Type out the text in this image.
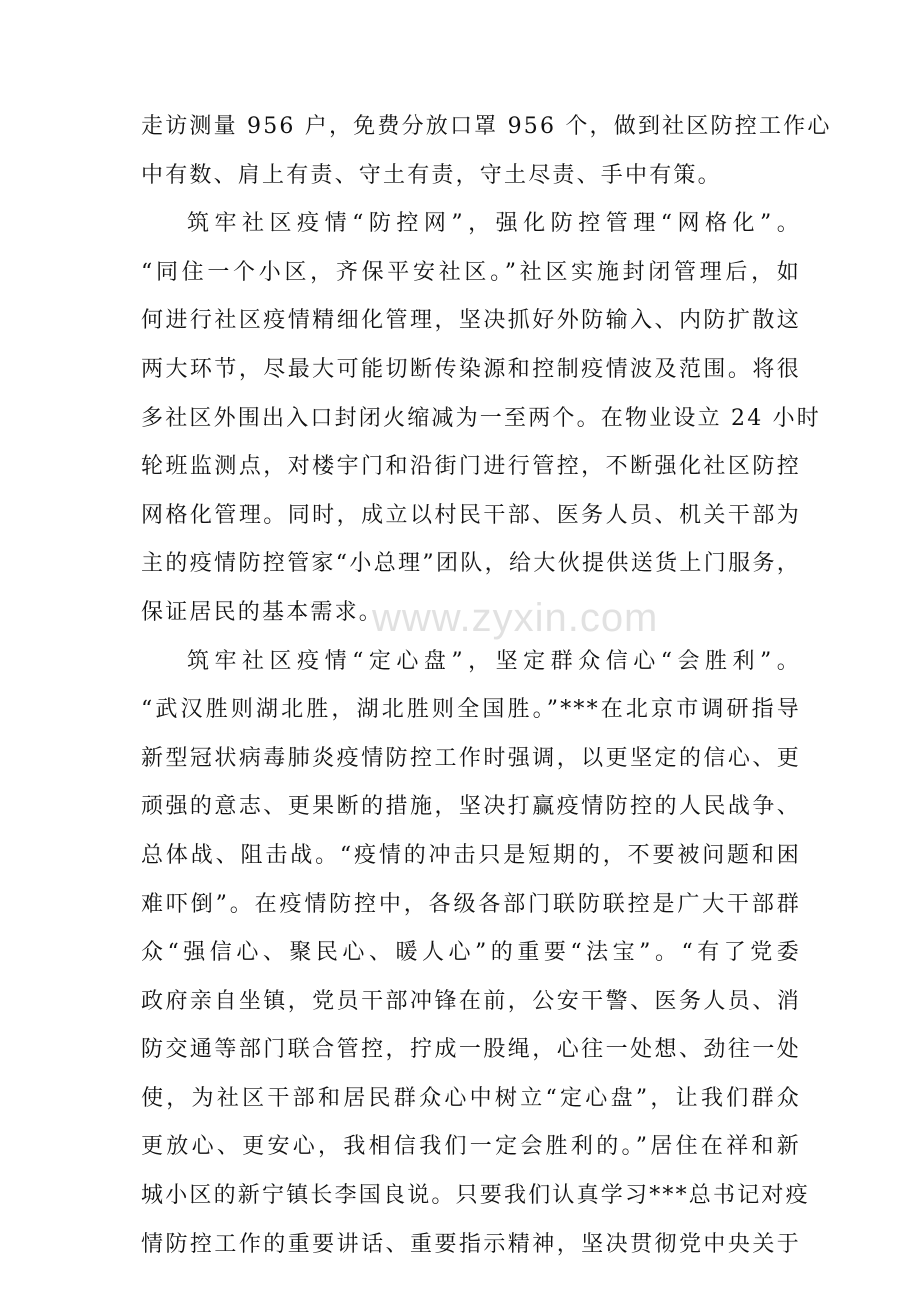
走访测量 956 户，免费分放口罩 956 个，做到社区防控工作心
中有数、肩上有责、守土有责，守土尽责、手中有策。
筑牢社区疫情“防控网”，强化防控管理“网格化”。
“同住一个小区，齐保平安社区。”社区实施封闭管理后，如
何进行社区疫情精细化管理，坚决抓好外防输入、内防扩散这
两大环节，尽最大可能切断传染源和控制疫情波及范围。将很
多社区外围出入口封闭火缩减为一至两个。在物业设立 24 小时
轮班监测点，对楼宇门和沿街门进行管控，不断强化社区防控
网格化管理。同时，成立以村民干部、医务人员、机关干部为
主的疫情防控管家“小总理”团队，给大伙提供送货上门服务，
保证居民的基本需求。
筑牢社区疫情“定心盘”，坚定群众信心“会胜利”。
“武汉胜则湖北胜，湖北胜则全国胜。”***在北京市调研指导
新型冠状病毒肺炎疫情防控工作时强调，以更坚定的信心、更
顽强的意志、更果断的措施，坚决打赢疫情防控的人民战争、
总体战、阻击战。“疫情的冲击只是短期的，不要被问题和困
难吓倒”。在疫情防控中，各级各部门联防联控是广大干部群
众“强信心、聚民心、暖人心”的重要“法宝”。“有了党委
政府亲自坐镇，党员干部冲锋在前，公安干警、医务人员、消
防交通等部门联合管控，拧成一股绳，心往一处想、劲往一处
使，为社区干部和居民群众心中树立“定心盘”，让我们群众
更放心、更安心，我相信我们一定会胜利的。”居住在祥和新
城小区的新宁镇长李国良说。只要我们认真学习***总书记对疫
情防控工作的重要讲话、重要指示精神，坚决贯彻党中央关于
www.zyxin.com
